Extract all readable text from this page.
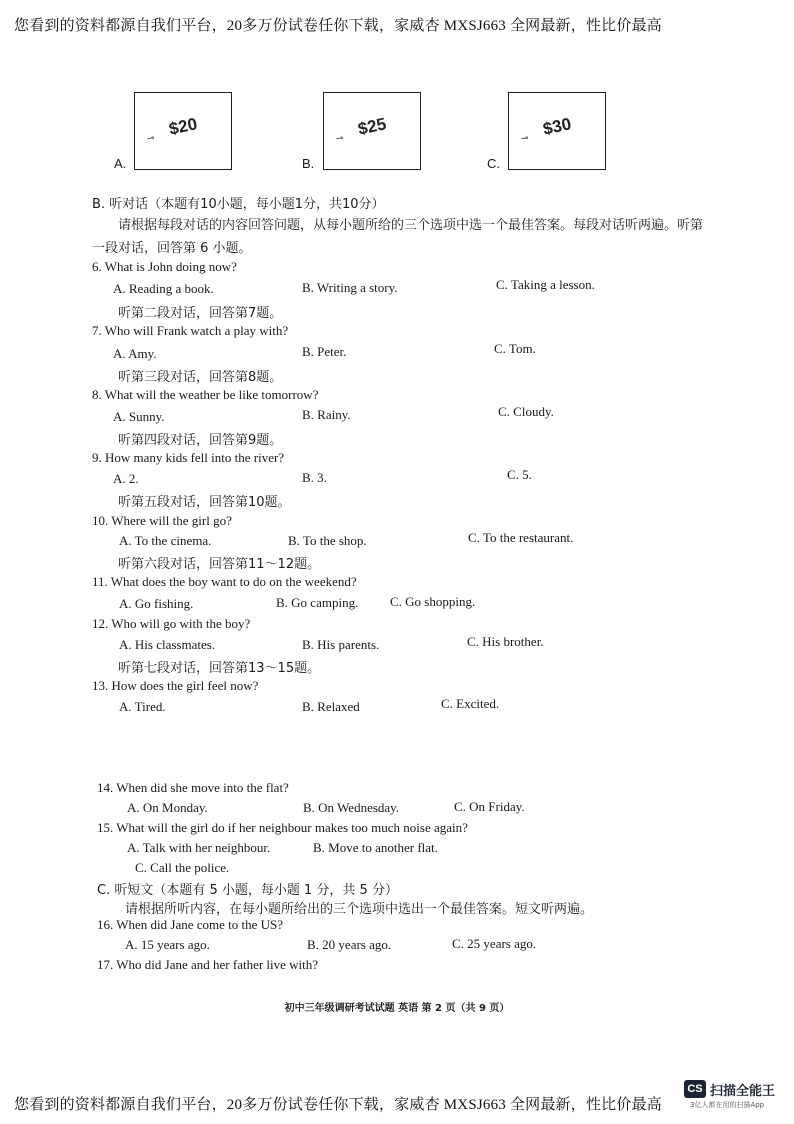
您看到的资料都源自我们平台，20多万份试卷任你下载，家威杏 MXSJ663 全网最新，性比价最高
⊸ $20
A.
⊸ $25
B.
⊸ $30
C.
B. 听对话（本题有10小题，每小题1分，共10分）
请根据每段对话的内容回答问题，从每小题所给的三个选项中选一个最佳答案。每段对话听两遍。听第
一段对话，回答第 6 小题。
6. What is John doing now?
A. Reading a book.	B. Writing a story.	C. Taking a lesson.
听第二段对话，回答第7题。
7. Who will Frank watch a play with?
A. Amy.	B. Peter.	C. Tom.
听第三段对话，回答第8题。
8. What will the weather be like tomorrow?
A. Sunny.	B. Rainy.	C. Cloudy.
听第四段对话，回答第9题。
9. How many kids fell into the river?
A. 2.	B. 3.	C. 5.
听第五段对话，回答第10题。
10. Where will the girl go?
A. To the cinema.	B. To the shop.	C. To the restaurant.
听第六段对话，回答第11～12题。
11. What does the boy want to do on the weekend?
A. Go fishing.	B. Go camping. C. Go shopping.
12. Who will go with the boy?
A. His classmates.	B. His parents.	C. His brother.
听第七段对话，回答第13～15题。
13. How does the girl feel now?
A. Tired.	B. Relaxed	C. Excited.
14. When did she move into the flat?
A. On Monday.	B. On Wednesday.	C. On Friday.
15. What will the girl do if her neighbour makes too much noise again?
A. Talk with her neighbour.	B. Move to another flat.
C. Call the police.
C. 听短文（本题有 5 小题，每小题 1 分，共 5 分）
请根据所听内容，在每小题所给出的三个选项中选出一个最佳答案。短文听两遍。
16. When did Jane come to the US?
A. 15 years ago.	B. 20 years ago.	C. 25 years ago.
17. Who did Jane and her father live with?
初中三年级调研考试试题 英语 第 2 页（共 9 页）
您看到的资料都源自我们平台，20多万份试卷任你下载，家威杏 MXSJ663 全网最新，性比价最高
CS 扫描全能王
3亿人都在用的扫描App
